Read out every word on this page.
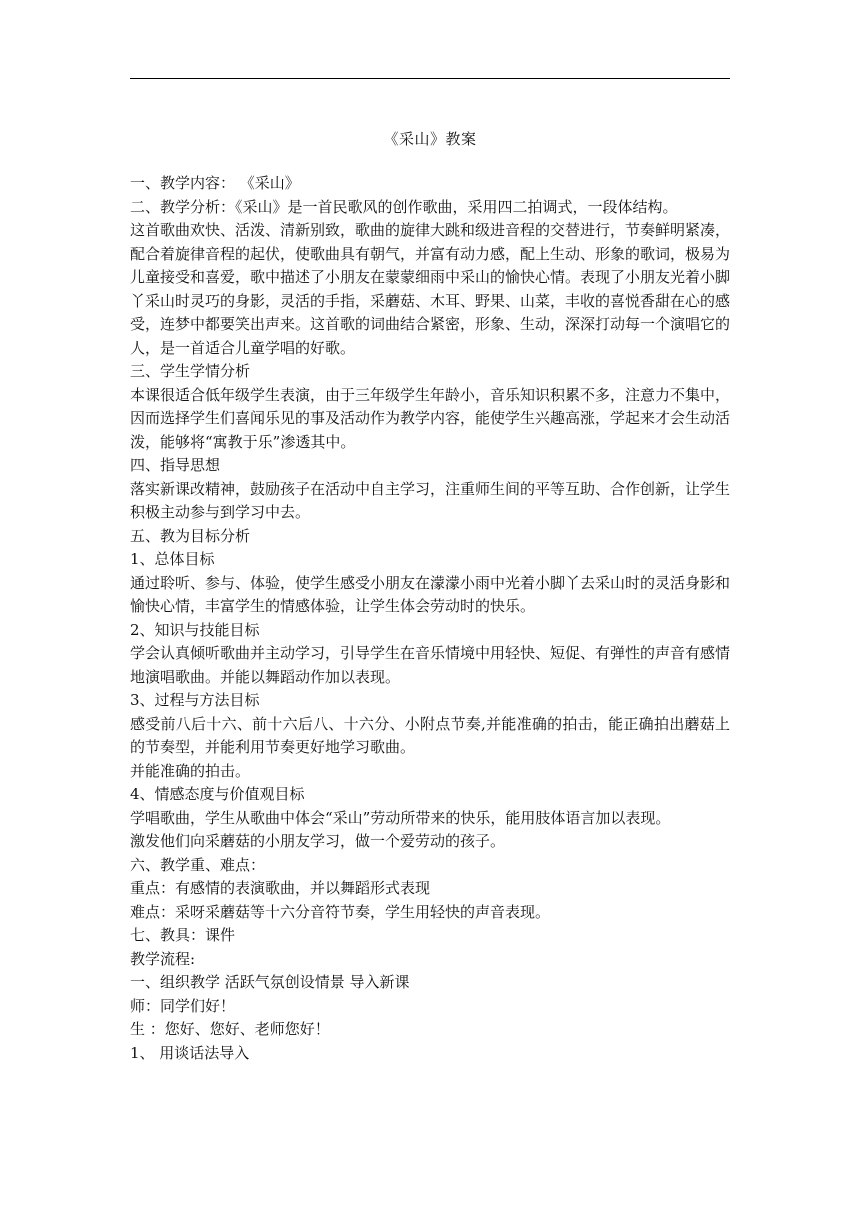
《采山》教案

一、教学内容： 《采山》

二、教学分析：《采山》是一首民歌风的创作歌曲，采用四二拍调式，一段体结构。

这首歌曲欢快、活泼、清新别致，歌曲的旋律大跳和级进音程的交替进行，节奏鲜明紧凑，配合着旋律音程的起伏，使歌曲具有朝气，并富有动力感，配上生动、形象的歌词，极易为儿童接受和喜爱，歌中描述了小朋友在蒙蒙细雨中采山的愉快心情。表现了小朋友光着小脚丫采山时灵巧的身影，灵活的手指，采蘑菇、木耳、野果、山菜，丰收的喜悦香甜在心的感受，连梦中都要笑出声来。这首歌的词曲结合紧密，形象、生动，深深打动每一个演唱它的人，是一首适合儿童学唱的好歌。

三、学生学情分析

本课很适合低年级学生表演，由于三年级学生年龄小，音乐知识积累不多，注意力不集中，因而选择学生们喜闻乐见的事及活动作为教学内容，能使学生兴趣高涨，学起来才会生动活泼，能够将“寓教于乐”渗透其中。

四、指导思想

落实新课改精神，鼓励孩子在活动中自主学习，注重师生间的平等互助、合作创新，让学生积极主动参与到学习中去。

五、教为目标分析

1、总体目标

通过聆听、参与、体验，使学生感受小朋友在濛濛小雨中光着小脚丫去采山时的灵活身影和愉快心情，丰富学生的情感体验，让学生体会劳动时的快乐。

2、知识与技能目标

学会认真倾听歌曲并主动学习，引导学生在音乐情境中用轻快、短促、有弹性的声音有感情地演唱歌曲。并能以舞蹈动作加以表现。

3、过程与方法目标

感受前八后十六、前十六后八、十六分、小附点节奏,并能准确的拍击，能正确拍出蘑菇上的节奏型，并能利用节奏更好地学习歌曲。

并能准确的拍击。

4、情感态度与价值观目标

学唱歌曲，学生从歌曲中体会“采山”劳动所带来的快乐，能用肢体语言加以表现。

激发他们向采蘑菇的小朋友学习，做一个爱劳动的孩子。

六、教学重、难点：

重点：有感情的表演歌曲，并以舞蹈形式表现

难点：采呀采蘑菇等十六分音符节奏，学生用轻快的声音表现。

七、教具：课件

教学流程:

一、组织教学 活跃气氛创设情景 导入新课

师：同学们好！

生 ：您好、您好、老师您好！

1、 用谈话法导入
